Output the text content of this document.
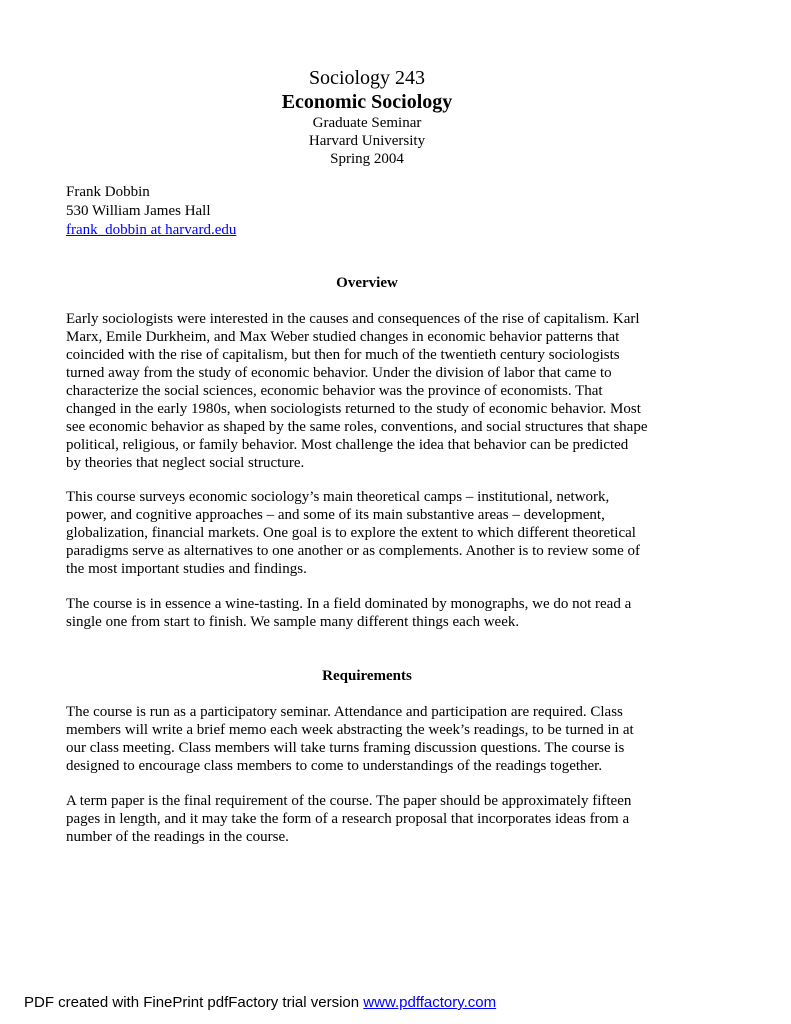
Sociology 243
Economic Sociology
Graduate Seminar
Harvard University
Spring 2004
Frank Dobbin
530 William James Hall
frank_dobbin at harvard.edu
Overview
Early sociologists were interested in the causes and consequences of the rise of capitalism. Karl
Marx, Emile Durkheim, and Max Weber studied changes in economic behavior patterns that
coincided with the rise of capitalism, but then for much of the twentieth century sociologists
turned away from the study of economic behavior. Under the division of labor that came to
characterize the social sciences, economic behavior was the province of economists. That
changed in the early 1980s, when sociologists returned to the study of economic behavior. Most
see economic behavior as shaped by the same roles, conventions, and social structures that shape
political, religious, or family behavior. Most challenge the idea that behavior can be predicted
by theories that neglect social structure.
This course surveys economic sociology’s main theoretical camps – institutional, network,
power, and cognitive approaches – and some of its main substantive areas – development,
globalization, financial markets. One goal is to explore the extent to which different theoretical
paradigms serve as alternatives to one another or as complements. Another is to review some of
the most important studies and findings.
The course is in essence a wine-tasting. In a field dominated by monographs, we do not read a
single one from start to finish. We sample many different things each week.
Requirements
The course is run as a participatory seminar. Attendance and participation are required. Class
members will write a brief memo each week abstracting the week’s readings, to be turned in at
our class meeting. Class members will take turns framing discussion questions. The course is
designed to encourage class members to come to understandings of the readings together.
A term paper is the final requirement of the course. The paper should be approximately fifteen
pages in length, and it may take the form of a research proposal that incorporates ideas from a
number of the readings in the course.
PDF created with FinePrint pdfFactory trial version www.pdffactory.com
